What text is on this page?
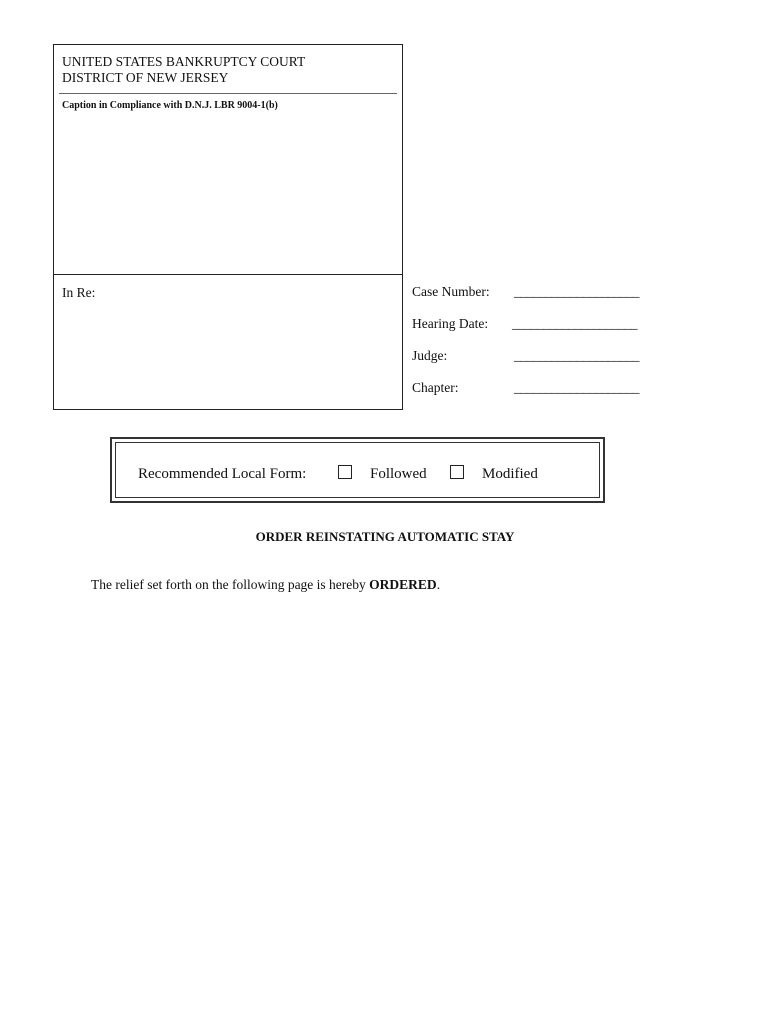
UNITED STATES BANKRUPTCY COURT
DISTRICT OF NEW JERSEY
Caption in Compliance with D.N.J. LBR 9004-1(b)
In Re:	Case Number: ____________________
Hearing Date: ____________________
Judge:	____________________
Chapter:	____________________
Recommended Local Form:	Followed	Modified
ORDER REINSTATING AUTOMATIC STAY
The relief set forth on the following page is hereby ORDERED.
